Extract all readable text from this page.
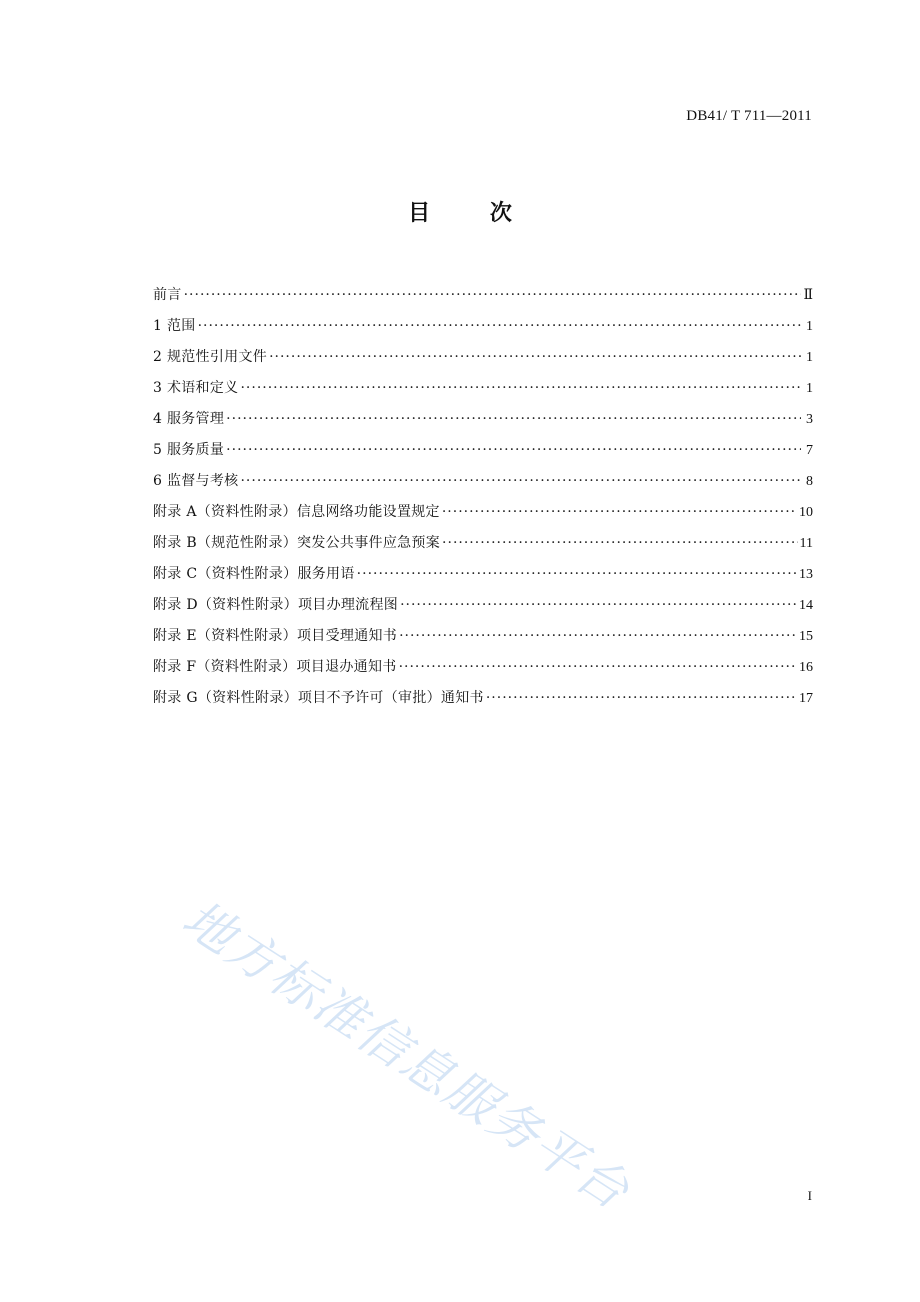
DB41/ T 711—2011
目 次
前言 ·····	Ⅱ
1 范围 ·····	1
2 规范性引用文件 ·····	1
3 术语和定义 ·····	1
4 服务管理 ·····	3
5 服务质量 ·····	7
6 监督与考核 ·····	8
附录 A（资料性附录）信息网络功能设置规定 ·····	10
附录 B（规范性附录）突发公共事件应急预案 ·····	11
附录 C（资料性附录）服务用语 ·····	13
附录 D（资料性附录）项目办理流程图 ·····	14
附录 E（资料性附录）项目受理通知书 ·····	15
附录 F（资料性附录）项目退办通知书 ·····	16
附录 G（资料性附录）项目不予许可（审批）通知书 ·····	17
地方标准信息服务平台	I
